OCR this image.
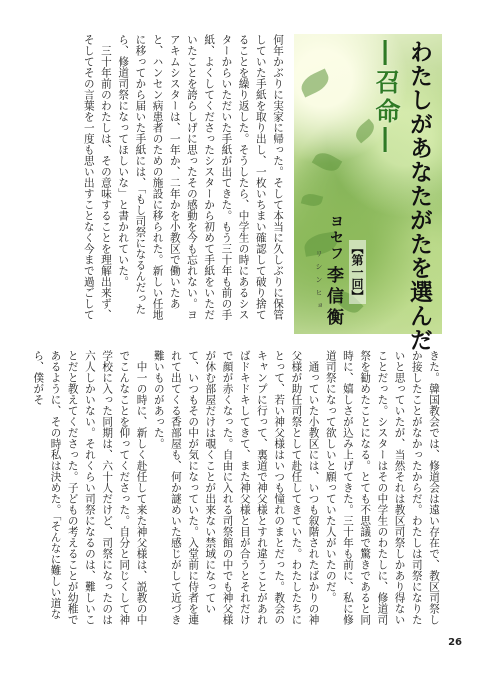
何年かぶりに実家に帰った。そして本当に久しぶりに保管していた手紙を取り出し、一枚いちまい確認して破り捨てることを繰り返した。そうしたら、中学生の時にあるシスターからいただいた手紙が出てきた。もう三十年も前の手紙、よくしてくださったシスターから初めて手紙をいただいたことを誇らしげに思ったその感動を今も忘れない。ヨアキムシスターは、一年か、二年かを小教区で働いたあと、ハンセン病患者のための施設に移られた。新しい任地に移ってから届いた手紙には、「もし司祭になるんだったら、修道司祭になってほしいな」と書かれていた。
　三十年前のわたしは、その意味することを理解出来ず、そしてその言葉を一度も思い出すことなく今まで過ごして	わたしがあなたがたを選んだ
―召命―
ヨセフ
【第一回】
リシンヒョ 李信衡
きた。韓国教会では、修道会は遠い存在で、教区司祭しか接したことがなかったからだ。わたしは司祭になりたいと思っていたが、当然それは教区司祭しかあり得ないことだった。シスターはその中学生のわたしに、修道司祭を勧めたことになる。とても不思議で驚きであると同時に、嬉しさが込み上げてきた。三十年も前に、私に修道司祭になって欲しいと願っていた人がいたのだ。
　通っていた小教区には、いつも叙階されたばかりの神父様が助任司祭として赴任してきていた。わたしたちにとって、若い神父様はいつも憧れのまとだった。教会のキャンプに行って、裏道で神父様とすれ違うことがあればドキドキしてきて、また神父様と目が合うとそれだけで顔が赤くなった。自由に入れる司祭館の中でも神父様が休む部屋だけは覗くことが出来ない禁域になっていて、いつもその中が気になっていた。入堂前に侍者を連れて出てくる香部屋も、何か謎めいた感じがして近づき難いものがあった。
　中一の時に、新しく赴任して来た神父様は、説教の中でこんなことを仰ってくださった。自分と同じくして神学校に入った同期は、六十人だけど、司祭になったのは六人しかいない。それくらい司祭になるのは、難しいことだと教えてくださった。子どもの考えることが幼稚であるように、その時私は決めた。「そんなに難しい道なら、僕がそ
26
